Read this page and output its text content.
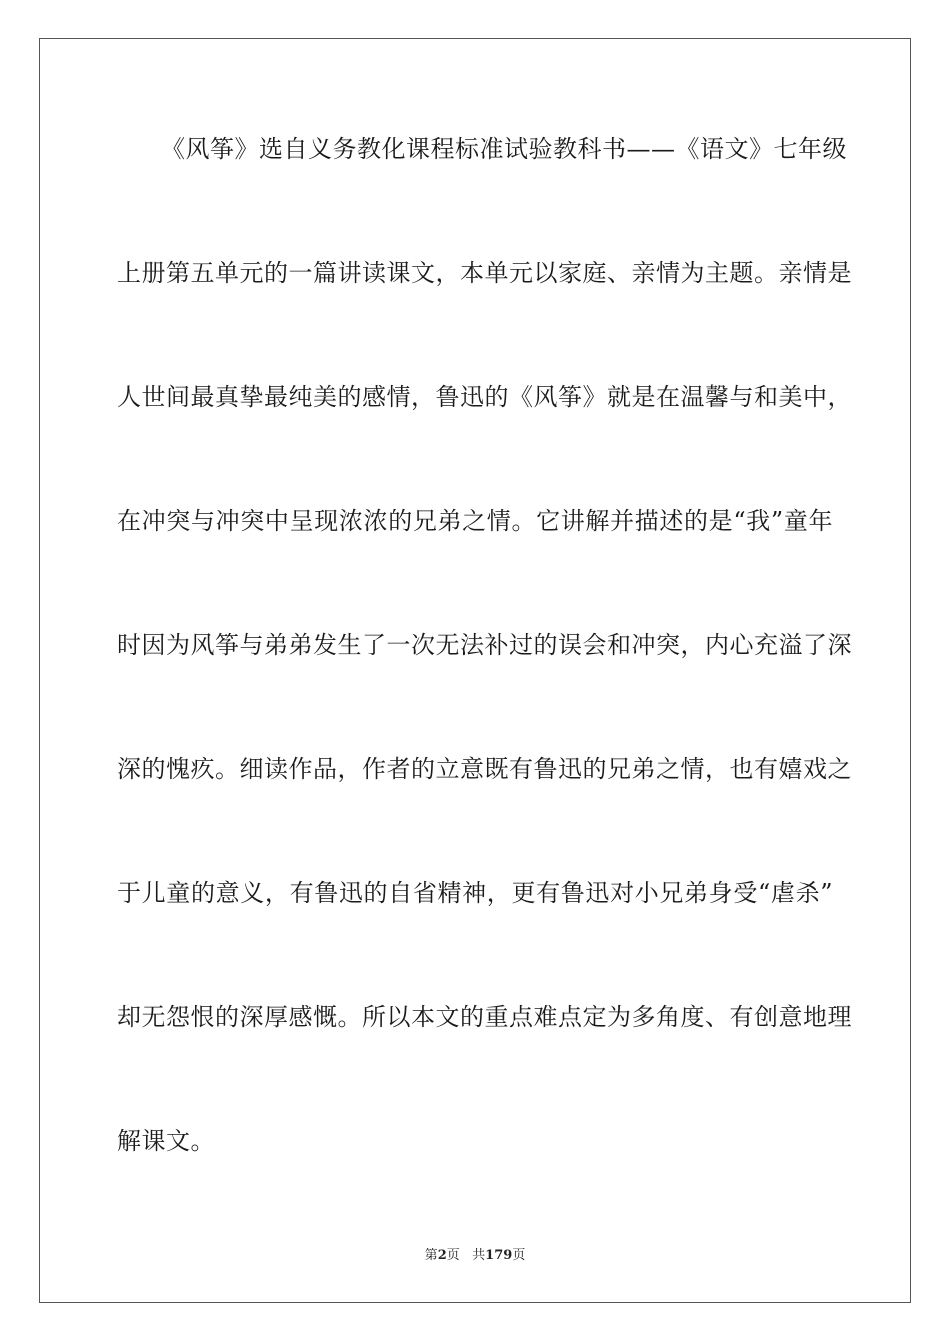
《风筝》选自义务教化课程标准试验教科书——《语文》七年级
上册第五单元的一篇讲读课文，本单元以家庭、亲情为主题。亲情是
人世间最真挚最纯美的感情，鲁迅的《风筝》就是在温馨与和美中，
在冲突与冲突中呈现浓浓的兄弟之情。它讲解并描述的是“我”童年
时因为风筝与弟弟发生了一次无法补过的误会和冲突，内心充溢了深
深的愧疚。细读作品，作者的立意既有鲁迅的兄弟之情，也有嬉戏之
于儿童的意义，有鲁迅的自省精神，更有鲁迅对小兄弟身受“虐杀”
却无怨恨的深厚感慨。所以本文的重点难点定为多角度、有创意地理
解课文。
第2页 共179页
